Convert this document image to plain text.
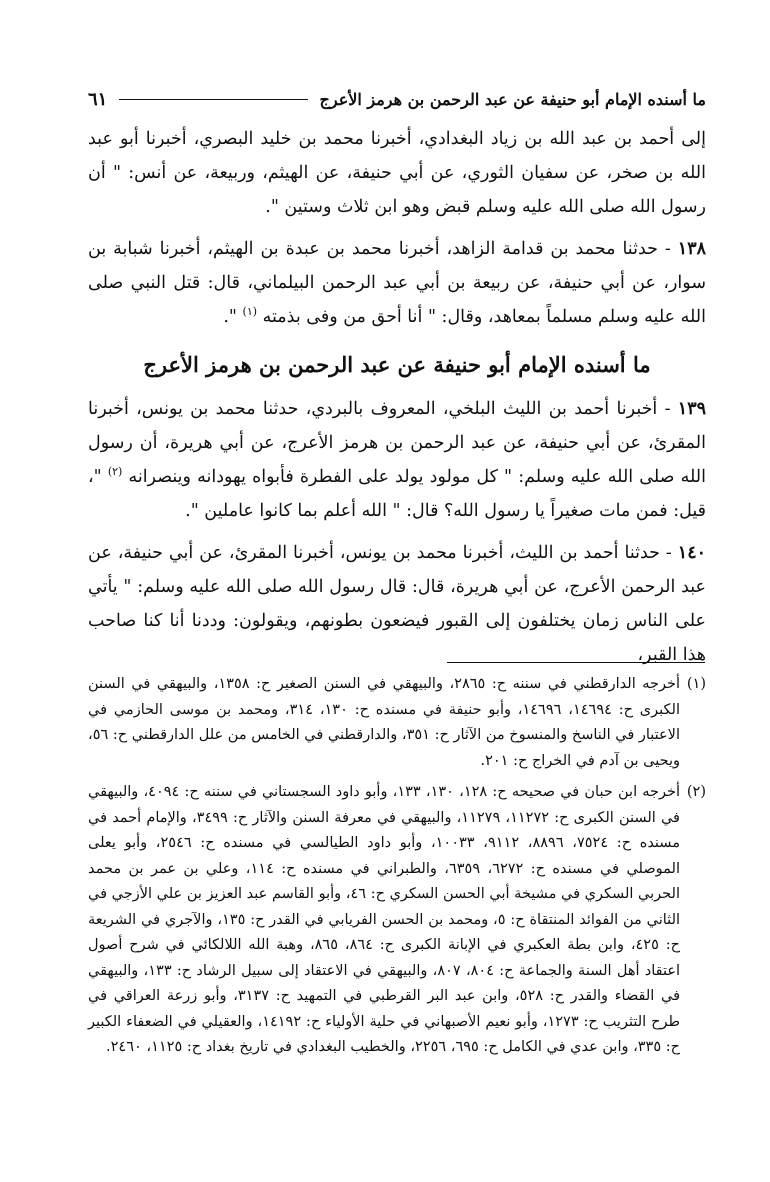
ما أسنده الإمام أبو حنيفة عن عبد الرحمن بن هرمز الأعرج
٦١

إلى أحمد بن عبد الله بن زياد البغدادي، أخبرنا محمد بن خليد البصري، أخبرنا أبو عبد الله بن صخر، عن سفيان الثوري، عن أبي حنيفة، عن الهيثم، وربيعة، عن أنس: " أن رسول الله صلى الله عليه وسلم قبض وهو ابن ثلاث وستين ".

١٣٨ - حدثنا محمد بن قدامة الزاهد، أخبرنا محمد بن عبدة بن الهيثم، أخبرنا شبابة بن سوار، عن أبي حنيفة، عن ربيعة بن أبي عبد الرحمن البيلماني، قال: قتل النبي صلى الله عليه وسلم مسلماً بمعاهد، وقال: " أنا أحق من وفى بذمته $^{(١)}$ ".

ما أسنده الإمام أبو حنيفة عن عبد الرحمن بن هرمز الأعرج

١٣٩ - أخبرنا أحمد بن الليث البلخي، المعروف بالبردي، حدثنا محمد بن يونس، أخبرنا المقرئ، عن أبي حنيفة، عن عبد الرحمن بن هرمز الأعرج، عن أبي هريرة، أن رسول الله صلى الله عليه وسلم: " كل مولود يولد على الفطرة فأبواه يهودانه وينصرانه $^{(٢)}$ "، قيل: فمن مات صغيراً يا رسول الله؟ قال: " الله أعلم بما كانوا عاملين ".

١٤٠ - حدثنا أحمد بن الليث، أخبرنا محمد بن يونس، أخبرنا المقرئ، عن أبي حنيفة، عن عبد الرحمن الأعرج، عن أبي هريرة، قال: قال رسول الله صلى الله عليه وسلم: " يأتي على الناس زمان يختلفون إلى القبور فيضعون بطونهم، ويقولون: وددنا أنا كنا صاحب هذا القبر،

(١)
أخرجه الدارقطني في سننه ح: ٢٨٦٥، والبيهقي في السنن الصغير ح: ١٣٥٨، والبيهقي في السنن الكبرى ح: ١٤٦٩٤، ١٤٦٩٦، وأبو حنيفة في مسنده ح: ١٣٠، ٣١٤، ومحمد بن موسى الحازمي في الاعتبار في الناسخ والمنسوخ من الآثار ح: ٣٥١، والدارقطني في الخامس من علل الدارقطني ح: ٥٦، ويحيى بن آدم في الخراج ح: ٢٠١.

(٢)
أخرجه ابن حبان في صحيحه ح: ١٢٨، ١٣٠، ١٣٣، وأبو داود السجستاني في سننه ح: ٤٠٩٤، والبيهقي في السنن الكبرى ح: ١١٢٧٢، ١١٢٧٩، والبيهقي في معرفة السنن والآثار ح: ٣٤٩٩، والإمام أحمد في مسنده ح: ٧٥٢٤، ٨٨٩٦، ٩١١٢، ١٠٠٣٣، وأبو داود الطيالسي في مسنده ح: ٢٥٤٦، وأبو يعلى الموصلي في مسنده ح: ٦٢٧٢، ٦٣٥٩، والطبراني في مسنده ح: ١١٤، وعلي بن عمر بن محمد الحربي السكري في مشيخة أبي الحسن السكري ح: ٤٦، وأبو القاسم عبد العزيز بن علي الأزجي في الثاني من الفوائد المنتقاة ح: ٥، ومحمد بن الحسن الفريابي في القدر ح: ١٣٥، والآجري في الشريعة ح: ٤٢٥، وابن بطة العكبري في الإبانة الكبرى ح: ٨٦٤، ٨٦٥، وهبة الله اللالكائي في شرح أصول اعتقاد أهل السنة والجماعة ح: ٨٠٤، ٨٠٧، والبيهقي في الاعتقاد إلى سبيل الرشاد ح: ١٣٣، والبيهقي في القضاء والقدر ح: ٥٢٨، وابن عبد البر القرطبي في التمهيد ح: ٣١٣٧، وأبو زرعة العراقي في طرح التثريب ح: ١٢٧٣، وأبو نعيم الأصبهاني في حلية الأولياء ح: ١٤١٩٢، والعقيلي في الضعفاء الكبير ح: ٣٣٥، وابن عدي في الكامل ح: ٦٩٥، ٢٢٥٦، والخطيب البغدادي في تاريخ بغداد ح: ١١٢٥، ٢٤٦٠.
